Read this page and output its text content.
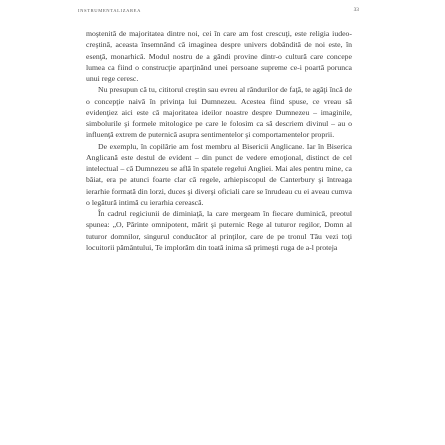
INSTRUMENTALIZAREA	33

moştenită de majoritatea dintre noi, cei în care am fost crescuţi, este religia iudeo-creştină, aceasta însemnând că imaginea despre univers dobândită de noi este, în esenţă, monarhică. Modul nostru de a gândi provine dintr-o cultură care concepe lumea ca fiind o construcţie aparţinând unei persoane supreme ce-i poartă porunca unui rege ceresc.

Nu presupun că tu, cititorul creştin sau evreu al rândurilor de faţă, te agăţi încă de o concepţie naivă în privinţa lui Dumnezeu. Acestea fiind spuse, ce vreau să evidenţiez aici este că majoritatea ideilor noastre despre Dumnezeu – imaginile, simbolurile şi formele mitologice pe care le folosim ca să descriem divinul – au o influenţă extrem de puternică asupra sentimentelor şi comportamentelor proprii.

De exemplu, în copilărie am fost membru al Bisericii Anglicane. Iar în Biserica Anglicană este destul de evident – din punct de vedere emoţional, distinct de cel intelectual – că Dumnezeu se află în spatele regelui Angliei. Mai ales pentru mine, ca băiat, era pe atunci foarte clar că regele, arhiepiscopul de Canterbury şi întreaga ierarhie formată din lorzi, duces şi diverşi oficiali care se înrudeau cu ei aveau cumva o legătură intimă cu ierarhia cerească.

În cadrul regiciunii de diminiaţă, la care mergeam în fiecare duminică, preotul spunea: „O, Părinte omnipotent, mărit şi puternic Rege al tuturor regilor, Domn al tuturor domnilor, singurul conducător al prinţilor, care de pe tronul Tău vezi toţi locuitorii pământului, Te implorăm din toată inima să primeşti ruga de a-l proteja
